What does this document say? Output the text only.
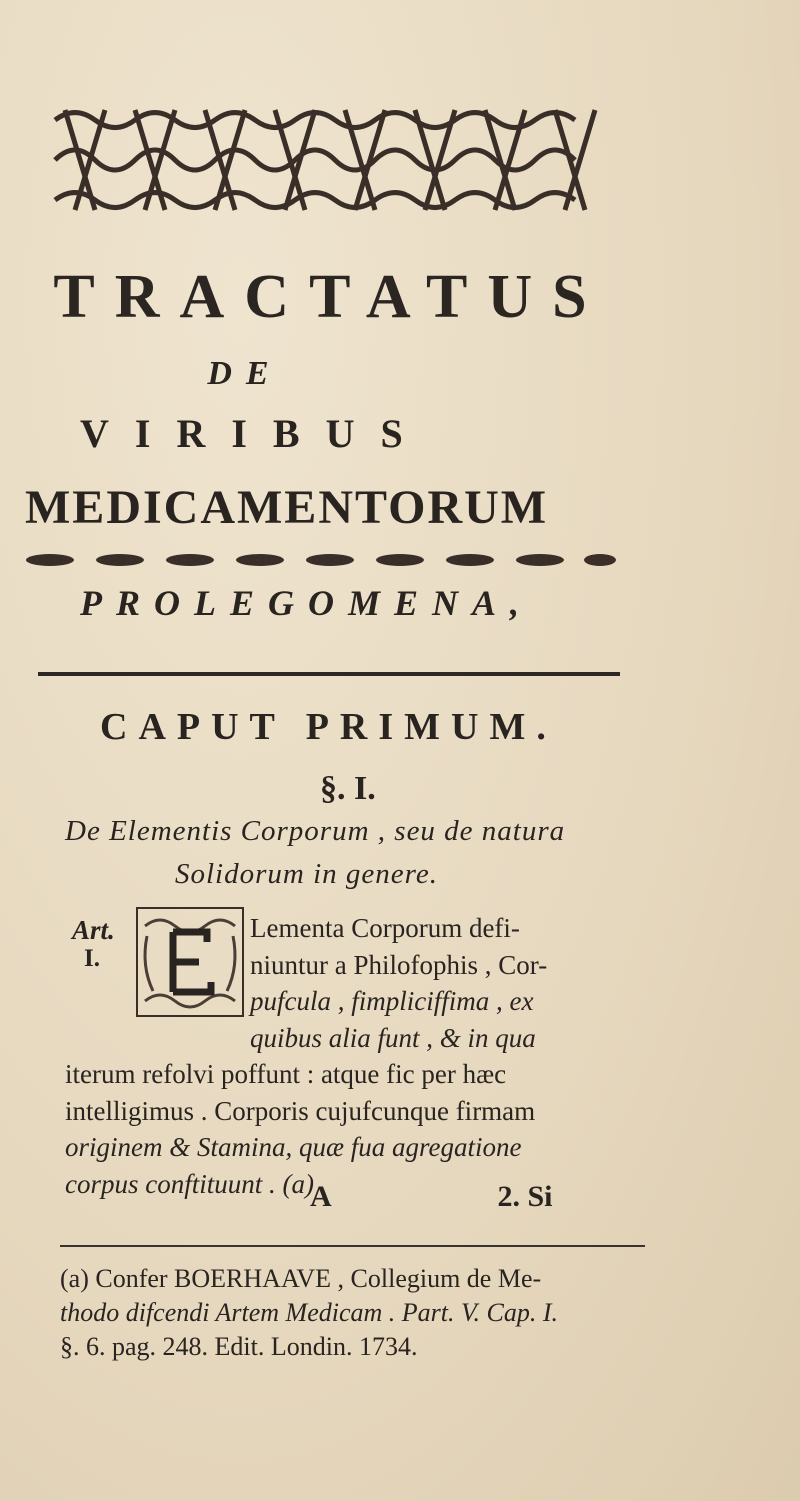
TRACTATUS
DE
VIRIBUS
MEDICAMENTORUM
PROLEGOMENA,
CAPUT PRIMUM.
§. I.
De Elementis Corporum , seu de natura
Solidorum in genere.
Art.
I.
Lementa Corporum defi-
niuntur a Philofophis , Cor-
pufcula , fimpliciffima , ex
quibus alia funt , & in qua
iterum refolvi poffunt : atque fic per hæc
intelligimus . Corporis cujufcunque firmam
originem & Stamina, quæ fua agregatione
corpus conftituunt . (a)
A	2. Si
(a) Confer BOERHAAVE , Collegium de Me-
thodo difcendi Artem Medicam . Part. V. Cap. I.
§. 6. pag. 248. Edit. Londin. 1734.
